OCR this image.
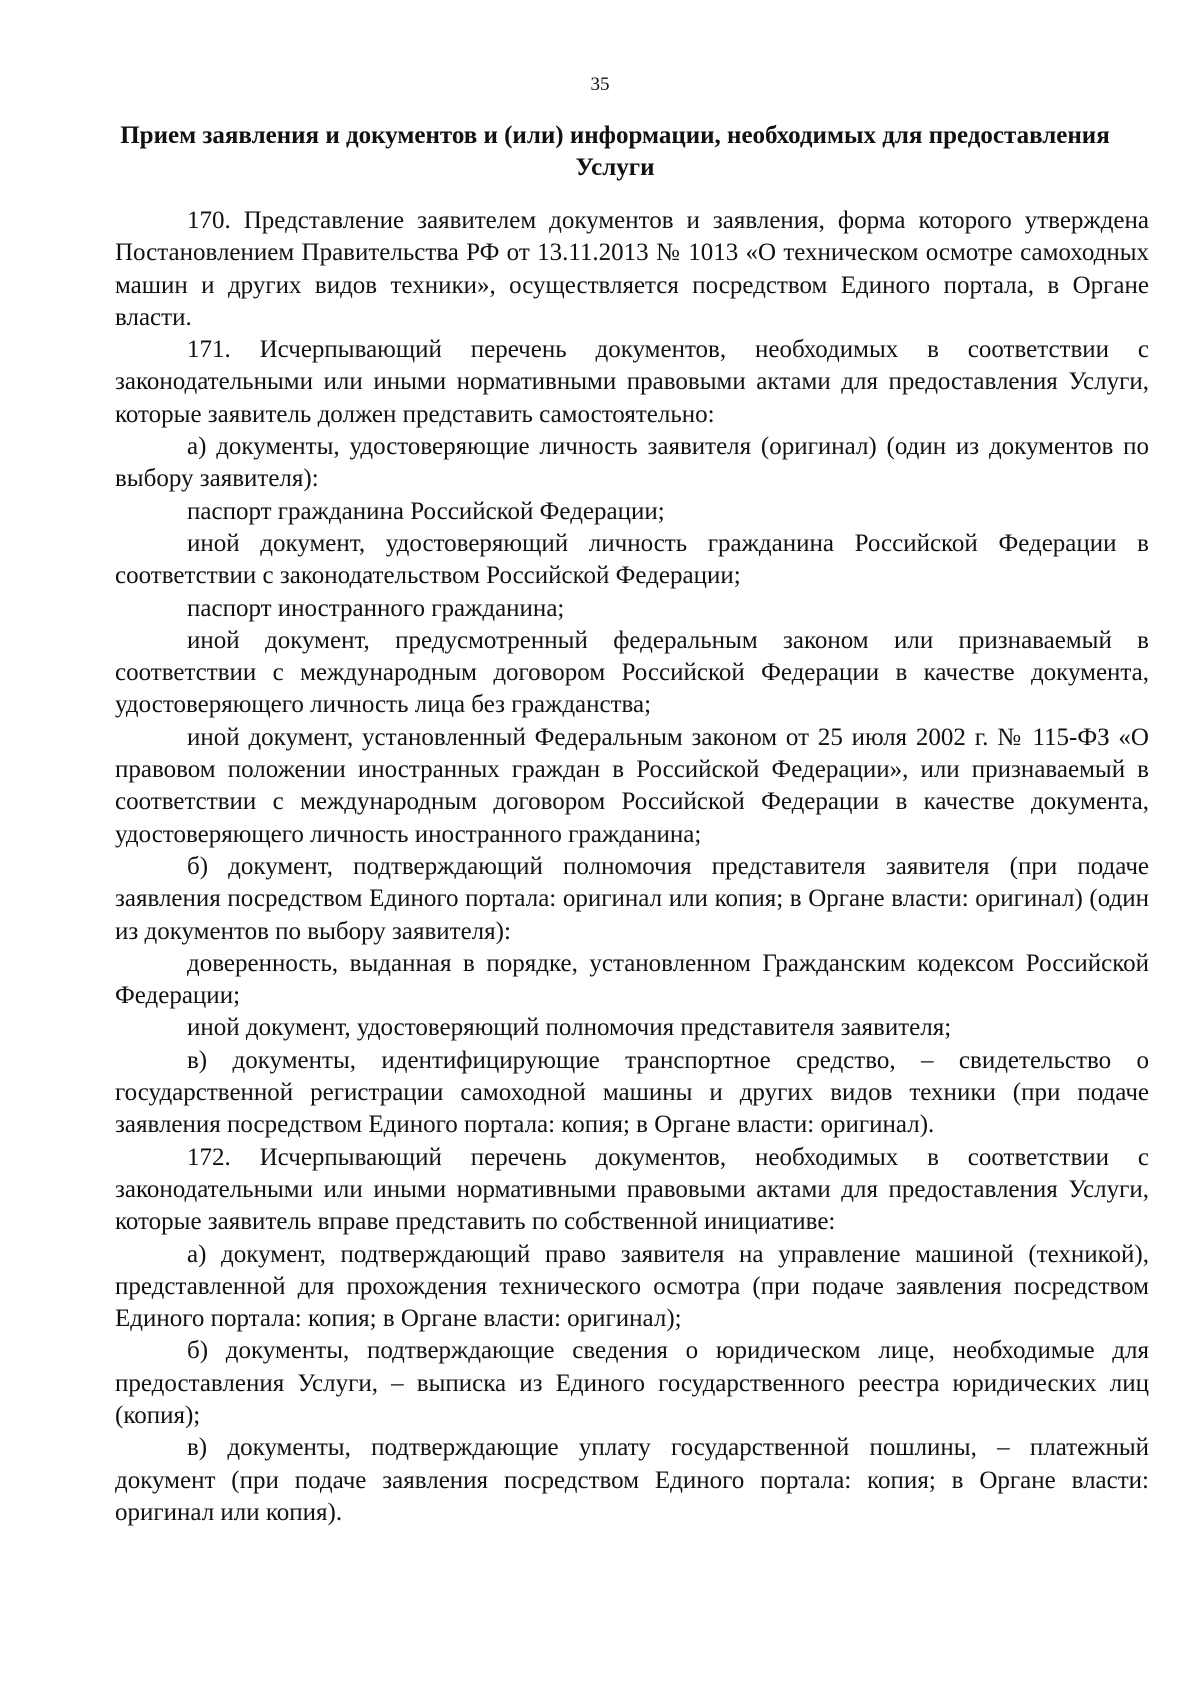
35
Прием заявления и документов и (или) информации, необходимых для предоставления Услуги

170. Представление заявителем документов и заявления, форма которого утверждена Постановлением Правительства РФ от 13.11.2013 № 1013 «О техническом осмотре самоходных машин и других видов техники», осуществляется посредством Единого портала, в Органе власти.

171. Исчерпывающий перечень документов, необходимых в соответствии с законодательными или иными нормативными правовыми актами для предоставления Услуги, которые заявитель должен представить самостоятельно:

а) документы, удостоверяющие личность заявителя (оригинал) (один из документов по выбору заявителя):

паспорт гражданина Российской Федерации;

иной документ, удостоверяющий личность гражданина Российской Федерации в соответствии с законодательством Российской Федерации;

паспорт иностранного гражданина;

иной документ, предусмотренный федеральным законом или признаваемый в соответствии с международным договором Российской Федерации в качестве документа, удостоверяющего личность лица без гражданства;

иной документ, установленный Федеральным законом от 25 июля 2002 г. № 115-ФЗ «О правовом положении иностранных граждан в Российской Федерации», или признаваемый в соответствии с международным договором Российской Федерации в качестве документа, удостоверяющего личность иностранного гражданина;

б) документ, подтверждающий полномочия представителя заявителя (при подаче заявления посредством Единого портала: оригинал или копия; в Органе власти: оригинал) (один из документов по выбору заявителя):

доверенность, выданная в порядке, установленном Гражданским кодексом Российской Федерации;

иной документ, удостоверяющий полномочия представителя заявителя;

в) документы, идентифицирующие транспортное средство, – свидетельство о государственной регистрации самоходной машины и других видов техники (при подаче заявления посредством Единого портала: копия; в Органе власти: оригинал).

172. Исчерпывающий перечень документов, необходимых в соответствии с законодательными или иными нормативными правовыми актами для предоставления Услуги, которые заявитель вправе представить по собственной инициативе:

а) документ, подтверждающий право заявителя на управление машиной (техникой), представленной для прохождения технического осмотра (при подаче заявления посредством Единого портала: копия; в Органе власти: оригинал);

б) документы, подтверждающие сведения о юридическом лице, необходимые для предоставления Услуги, – выписка из Единого государственного реестра юридических лиц (копия);

в) документы, подтверждающие уплату государственной пошлины, – платежный документ (при подаче заявления посредством Единого портала: копия; в Органе власти: оригинал или копия).
